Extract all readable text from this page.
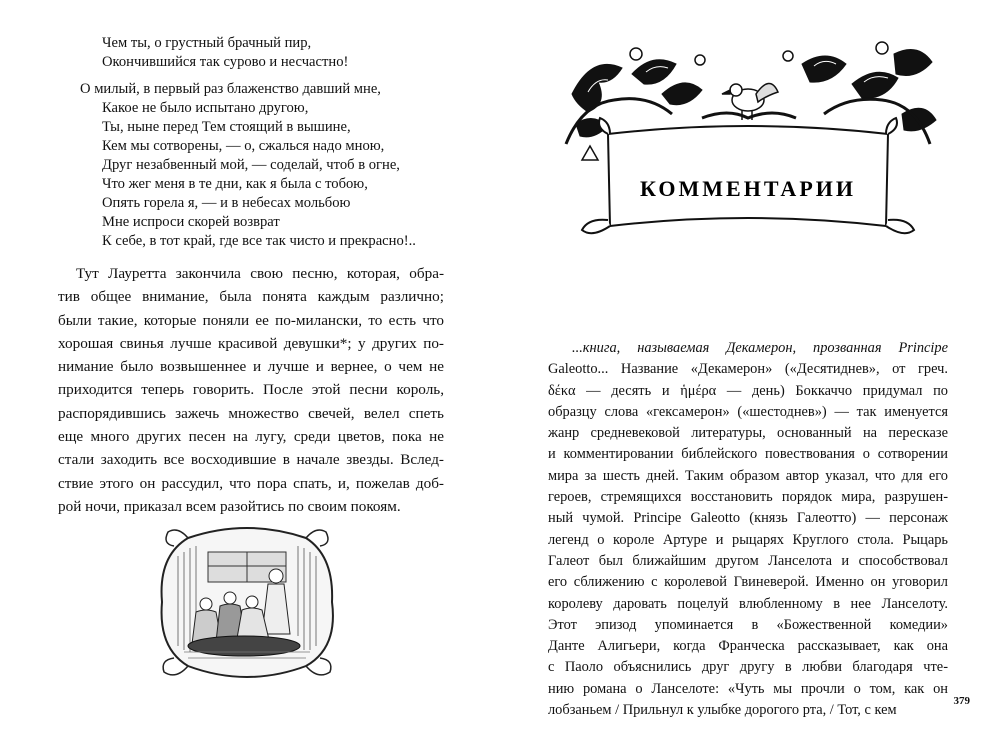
Чем ты, о грустный брачный пир,
Окончившийся так сурово и несчастно!
О милый, в первый раз блаженство давший мне,
Какое не было испытано другою,
Ты, ныне перед Тем стоящий в вышине,
Кем мы сотворены, — о, сжалься надо мною,
Друг незабвенный мой, — соделай, чтоб в огне,
Что жег меня в те дни, как я была с тобою,
Опять горела я, — и в небесах мольбою
Мне испроси скорей возврат
К себе, в тот край, где все так чисто и прекрасно!..
Тут Лауретта закончила свою песню, которая, обра-
тив общее внимание, была понята каждым различно;
были такие, которые поняли ее по-милански, то есть что
хорошая свинья лучше красивой девушки*; у других по-
нимание было возвышеннее и лучше и вернее, о чем не
приходится теперь говорить. После этой песни король,
распорядившись зажечь множество свечей, велел спеть
еще много других песен на лугу, среди цветов, пока не
стали заходить все восходившие в начале звезды. Вслед-
ствие этого он рассудил, что пора спать, и, пожелав доб-
рой ночи, приказал всем разойтись по своим покоям.
КОММЕНТАРИИ
...книга, называемая Декамерон, прозванная Principe
Galeotto... Название «Декамерон» («Десятиднев», от греч.
δέκα — десять и ἡμέρα — день) Боккаччо придумал по
образцу слова «гексамерон» («шестоднев») — так именуется
жанр средневековой литературы, основанный на пересказе
и комментировании библейского повествования о сотворении
мира за шесть дней. Таким образом автор указал, что для его
героев, стремящихся восстановить порядок мира, разрушен-
ный чумой. Principe Galeotto (князь Галеотто) — персонаж
легенд о короле Артуре и рыцарях Круглого стола. Рыцарь
Галеот был ближайшим другом Ланселота и способствовал
его сближению с королевой Гвиневерой. Именно он уговорил
королеву даровать поцелуй влюбленному в нее Ланселоту.
Этот эпизод упоминается в «Божественной комедии»
Данте Алигьери, когда Франческа рассказывает, как она
с Паоло объяснились друг другу в любви благодаря чте-
нию романа о Ланселоте: «Чуть мы прочли о том, как он
лобзаньем / Прильнул к улыбке дорогого рта, / Тот, с кем
379
